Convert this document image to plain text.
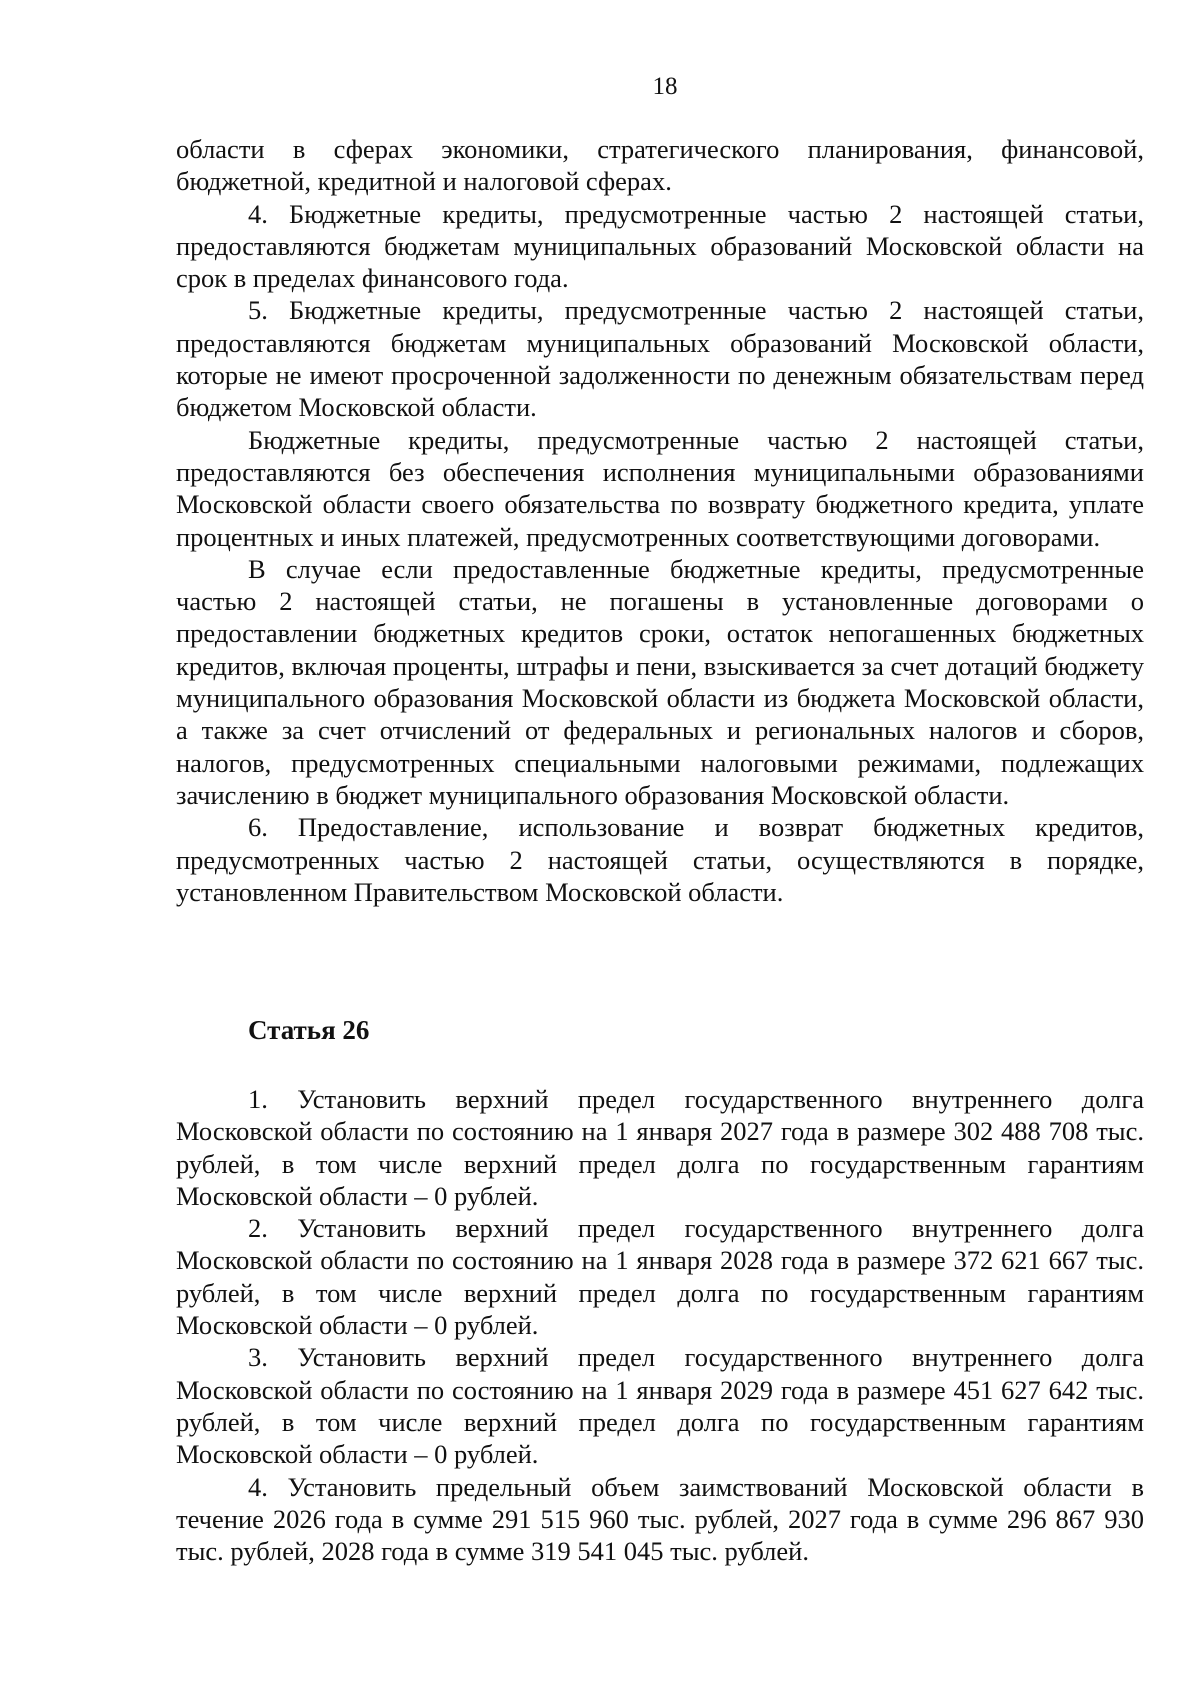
18

области в сферах экономики, стратегического планирования, финансовой, бюджетной, кредитной и налоговой сферах.

4. Бюджетные кредиты, предусмотренные частью 2 настоящей статьи, предоставляются бюджетам муниципальных образований Московской области на срок в пределах финансового года.

5. Бюджетные кредиты, предусмотренные частью 2 настоящей статьи, предоставляются бюджетам муниципальных образований Московской области, которые не имеют просроченной задолженности по денежным обязательствам перед бюджетом Московской области.

Бюджетные кредиты, предусмотренные частью 2 настоящей статьи, предоставляются без обеспечения исполнения муниципальными образованиями Московской области своего обязательства по возврату бюджетного кредита, уплате процентных и иных платежей, предусмотренных соответствующими договорами.

В случае если предоставленные бюджетные кредиты, предусмотренные частью 2 настоящей статьи, не погашены в установленные договорами о предоставлении бюджетных кредитов сроки, остаток непогашенных бюджетных кредитов, включая проценты, штрафы и пени, взыскивается за счет дотаций бюджету муниципального образования Московской области из бюджета Московской области, а также за счет отчислений от федеральных и региональных налогов и сборов, налогов, предусмотренных специальными налоговыми режимами, подлежащих зачислению в бюджет муниципального образования Московской области.

6. Предоставление, использование и возврат бюджетных кредитов, предусмотренных частью 2 настоящей статьи, осуществляются в порядке, установленном Правительством Московской области.

Статья 26

1. Установить верхний предел государственного внутреннего долга Московской области по состоянию на 1 января 2027 года в размере 302 488 708 тыс. рублей, в том числе верхний предел долга по государственным гарантиям Московской области – 0 рублей.

2. Установить верхний предел государственного внутреннего долга Московской области по состоянию на 1 января 2028 года в размере 372 621 667 тыс. рублей, в том числе верхний предел долга по государственным гарантиям Московской области – 0 рублей.

3. Установить верхний предел государственного внутреннего долга Московской области по состоянию на 1 января 2029 года в размере 451 627 642 тыс. рублей, в том числе верхний предел долга по государственным гарантиям Московской области – 0 рублей.

4. Установить предельный объем заимствований Московской области в течение 2026 года в сумме 291 515 960 тыс. рублей, 2027 года в сумме 296 867 930 тыс. рублей, 2028 года в сумме 319 541 045 тыс. рублей.
